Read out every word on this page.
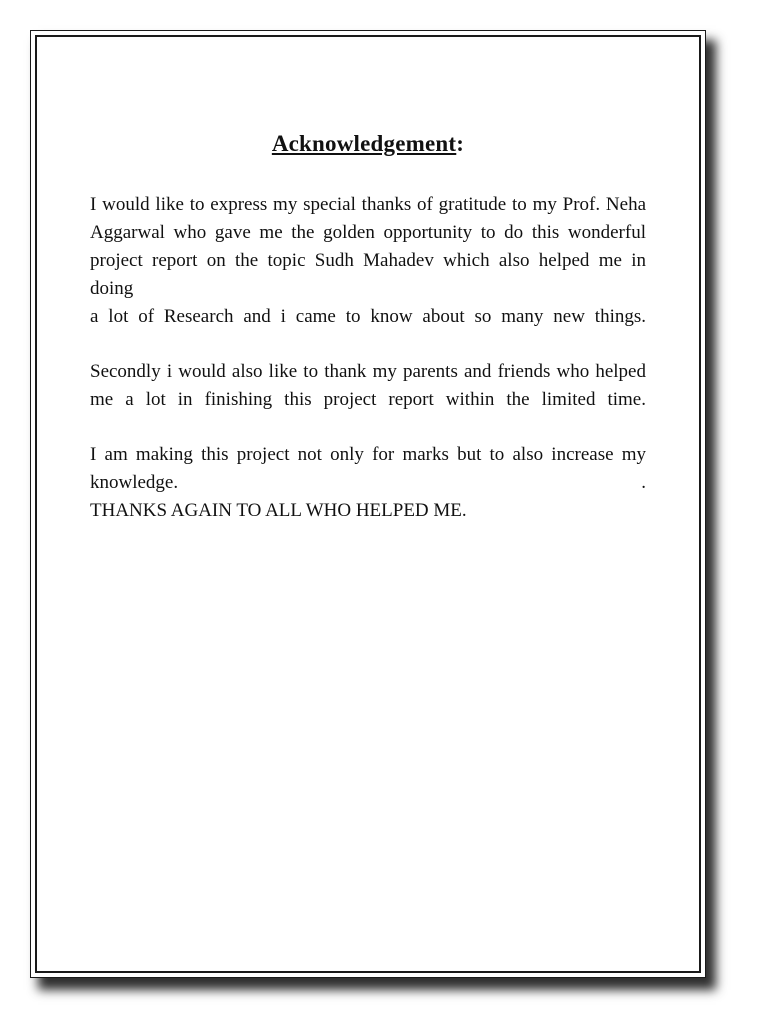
Acknowledgement:
I would like to express my special thanks of gratitude to my Prof. Neha
Aggarwal who gave me the golden opportunity to do this wonderful
project report on the topic Sudh Mahadev which also helped me in doing
a lot of Research and i came to know about so many new things.
Secondly i would also like to thank my parents and friends who helped
me a lot in finishing this project report within the limited time.
I am making this project not only for marks but to also increase my
knowledge.	.
THANKS AGAIN TO ALL WHO HELPED ME.
